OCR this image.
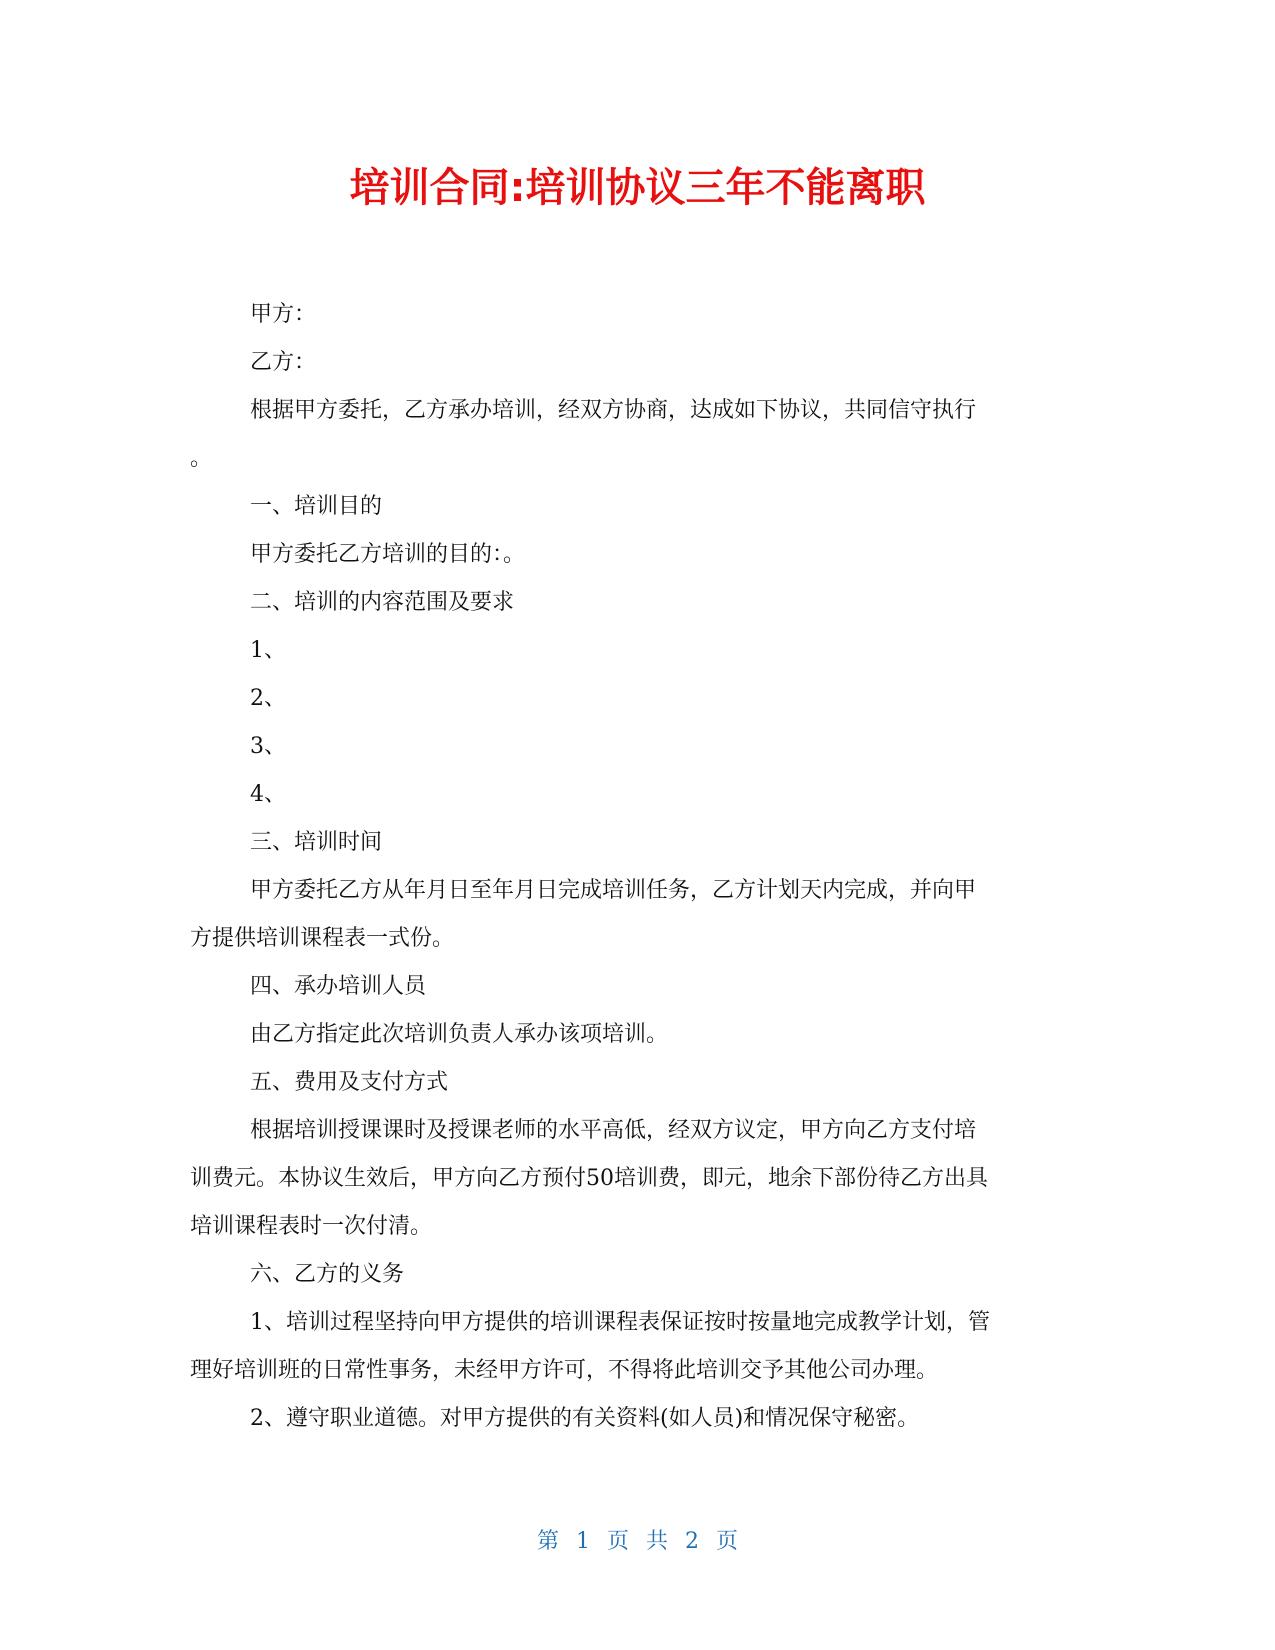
培训合同:培训协议三年不能离职

甲方：

乙方：

根据甲方委托，乙方承办培训，经双方协商，达成如下协议，共同信守执行

。

一、培训目的

甲方委托乙方培训的目的：。

二、培训的内容范围及要求

1、

2、

3、

4、

三、培训时间

甲方委托乙方从年月日至年月日完成培训任务，乙方计划天内完成，并向甲

方提供培训课程表一式份。

四、承办培训人员

由乙方指定此次培训负责人承办该项培训。

五、费用及支付方式

根据培训授课课时及授课老师的水平高低，经双方议定，甲方向乙方支付培

训费元。本协议生效后，甲方向乙方预付50培训费，即元，地余下部份待乙方出具

培训课程表时一次付清。

六、乙方的义务

1、培训过程坚持向甲方提供的培训课程表保证按时按量地完成教学计划，管

理好培训班的日常性事务，未经甲方许可，不得将此培训交予其他公司办理。

2、遵守职业道德。对甲方提供的有关资料(如人员)和情况保守秘密。

第 1 页 共 2 页
